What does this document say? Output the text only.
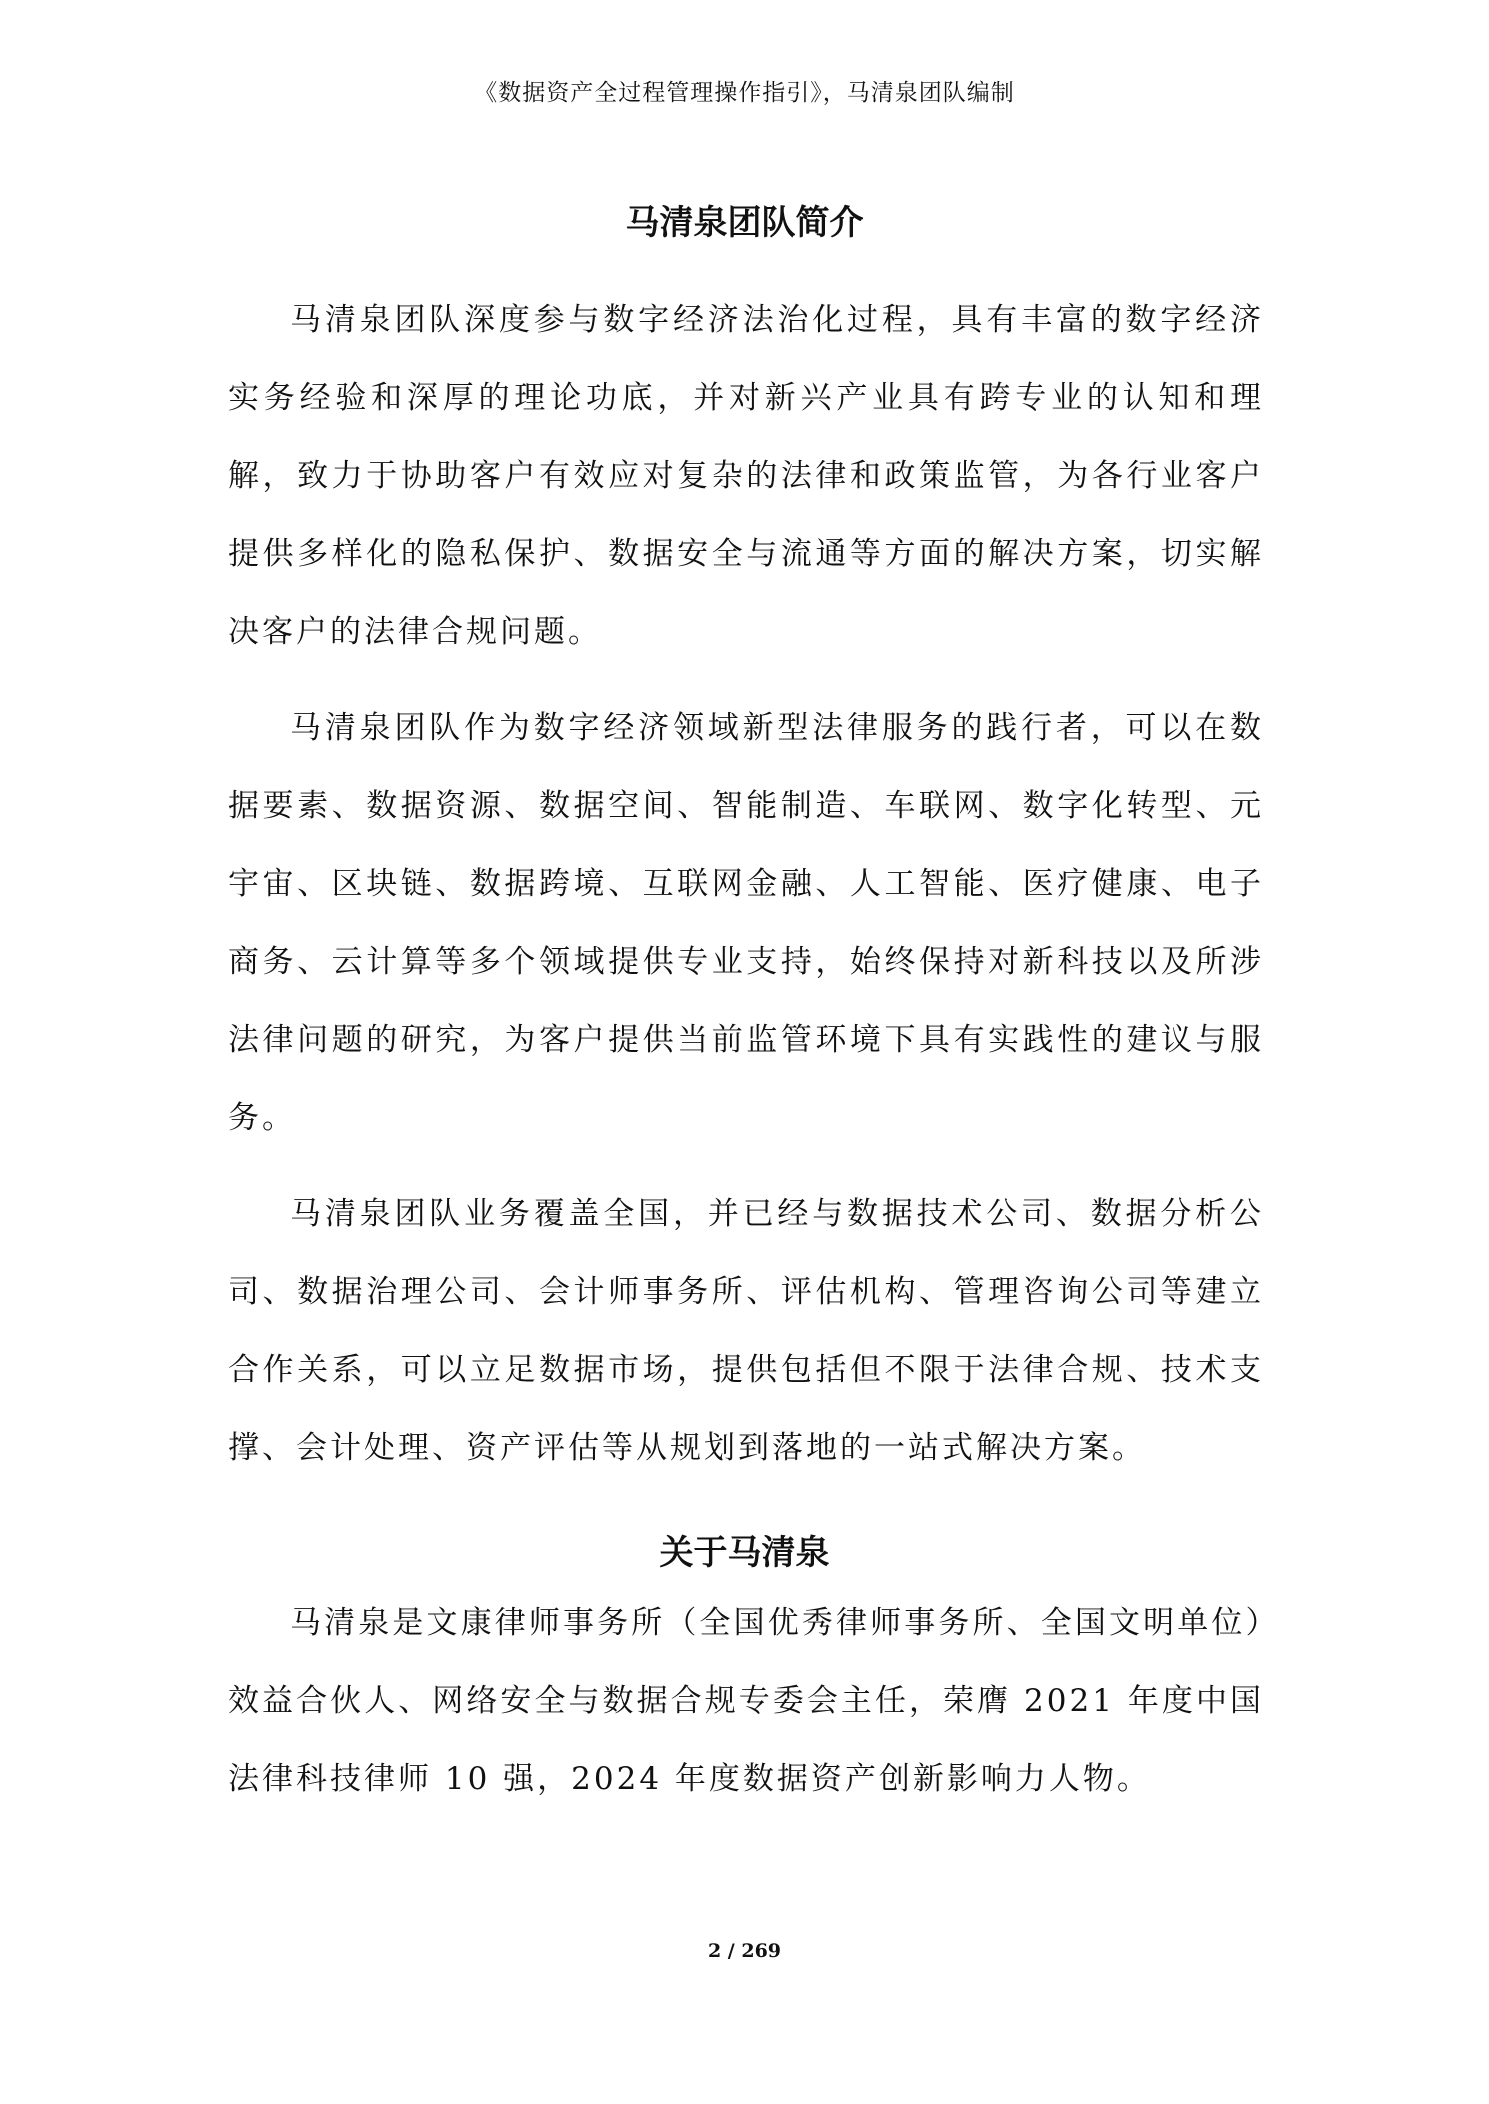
《数据资产全过程管理操作指引》，马清泉团队编制
马清泉团队简介

马清泉团队深度参与数字经济法治化过程，具有丰富的数字经济实务经验和深厚的理论功底，并对新兴产业具有跨专业的认知和理解，致力于协助客户有效应对复杂的法律和政策监管，为各行业客户提供多样化的隐私保护、数据安全与流通等方面的解决方案，切实解决客户的法律合规问题。

马清泉团队作为数字经济领域新型法律服务的践行者，可以在数据要素、数据资源、数据空间、智能制造、车联网、数字化转型、元宇宙、区块链、数据跨境、互联网金融、人工智能、医疗健康、电子商务、云计算等多个领域提供专业支持，始终保持对新科技以及所涉法律问题的研究，为客户提供当前监管环境下具有实践性的建议与服务。

马清泉团队业务覆盖全国，并已经与数据技术公司、数据分析公司、数据治理公司、会计师事务所、评估机构、管理咨询公司等建立合作关系，可以立足数据市场，提供包括但不限于法律合规、技术支撑、会计处理、资产评估等从规划到落地的一站式解决方案。

关于马清泉

马清泉是文康律师事务所（全国优秀律师事务所、全国文明单位）效益合伙人、网络安全与数据合规专委会主任，荣膺 2021 年度中国法律科技律师 10 强，2024 年度数据资产创新影响力人物。

2 / 269
